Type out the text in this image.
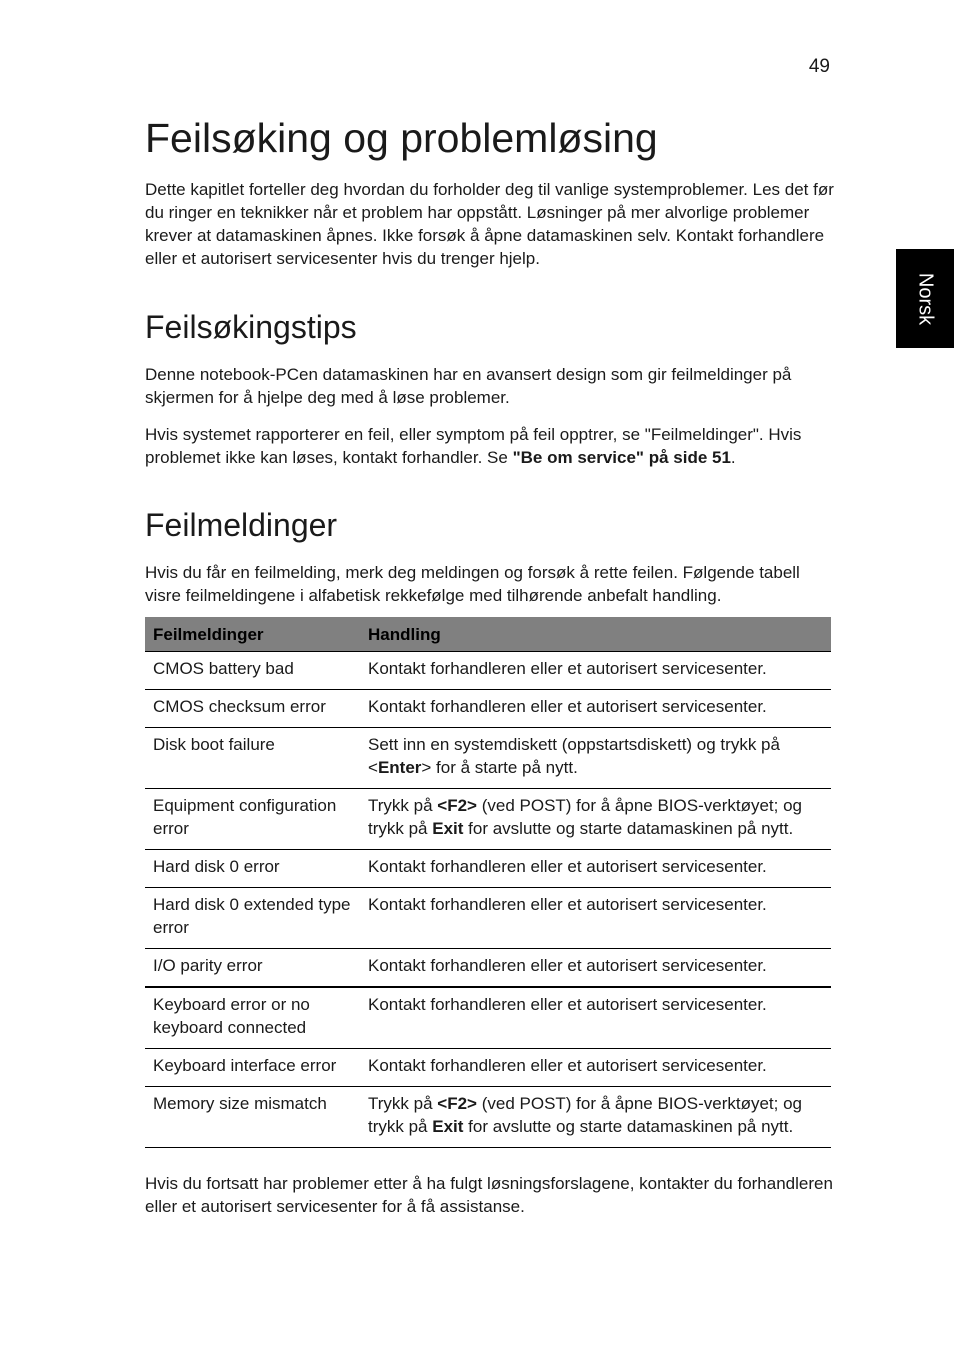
49
Norsk
Feilsøking og problemløsing

Dette kapitlet forteller deg hvordan du forholder deg til vanlige systemproblemer. Les det før du ringer en teknikker når et problem har oppstått. Løsninger på mer alvorlige problemer krever at datamaskinen åpnes. Ikke forsøk å åpne datamaskinen selv. Kontakt forhandlere eller et autorisert servicesenter hvis du trenger hjelp.

Feilsøkingstips

Denne notebook-PCen datamaskinen har en avansert design som gir feilmeldinger på skjermen for å hjelpe deg med å løse problemer.

Hvis systemet rapporterer en feil, eller symptom på feil opptrer, se "Feilmeldinger". Hvis problemet ikke kan løses, kontakt forhandler. Se "Be om service" på side 51.

Feilmeldinger

Hvis du får en feilmelding, merk deg meldingen og forsøk å rette feilen. Følgende tabell visre feilmeldingene i alfabetisk rekkefølge med tilhørende anbefalt handling.

Feilmeldinger	Handling
CMOS battery bad	Kontakt forhandleren eller et autorisert servicesenter.
CMOS checksum error	Kontakt forhandleren eller et autorisert servicesenter.
Disk boot failure	Sett inn en systemdiskett (oppstartsdiskett) og trykk på <Enter> for å starte på nytt.
Equipment configuration error	Trykk på <F2> (ved POST) for å åpne BIOS-verktøyet; og trykk på Exit for avslutte og starte datamaskinen på nytt.
Hard disk 0 error	Kontakt forhandleren eller et autorisert servicesenter.
Hard disk 0 extended type error	Kontakt forhandleren eller et autorisert servicesenter.
I/O parity error	Kontakt forhandleren eller et autorisert servicesenter.
Keyboard error or no keyboard connected	Kontakt forhandleren eller et autorisert servicesenter.
Keyboard interface error	Kontakt forhandleren eller et autorisert servicesenter.
Memory size mismatch	Trykk på <F2> (ved POST) for å åpne BIOS-verktøyet; og trykk på Exit for avslutte og starte datamaskinen på nytt.

Hvis du fortsatt har problemer etter å ha fulgt løsningsforslagene, kontakter du forhandleren eller et autorisert servicesenter for å få assistanse.
